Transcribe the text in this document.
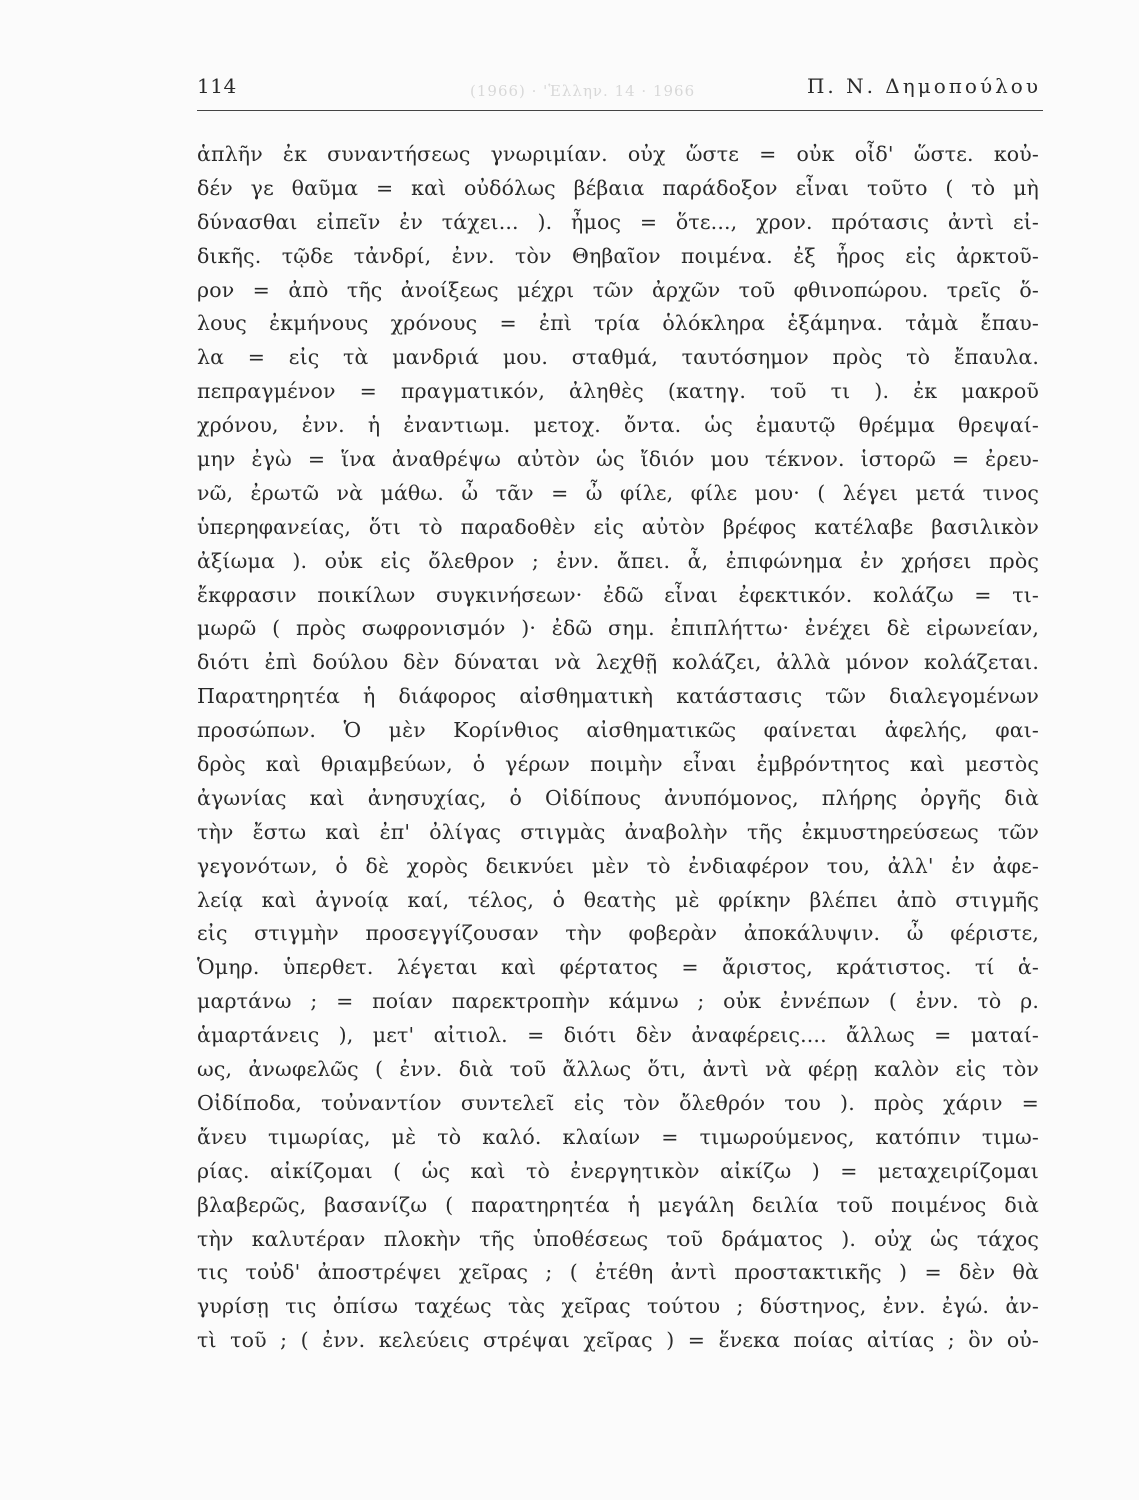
(1966) · 'Ἑλλην. 14 · 1966
114	Π. Ν. Δημοπούλου
ἁπλῆν ἐκ συναντήσεως γνωριμίαν. οὐχ ὥστε = οὐκ οἶδ' ὥστε. κοὐ-
δέν γε θαῦμα = καὶ οὐδόλως βέβαια παράδοξον εἶναι τοῦτο ( τὸ μὴ
δύνασθαι εἰπεῖν ἐν τάχει... ). ἦμος = ὅτε..., χρον. πρότασις ἀντὶ εἰ-
δικῆς. τῷδε τἀνδρί, ἐνν. τὸν Θηβαῖον ποιμένα. ἐξ ἦρος εἰς ἀρκτοῦ-
ρον = ἀπὸ τῆς ἀνοίξεως μέχρι τῶν ἀρχῶν τοῦ φθινοπώρου. τρεῖς ὅ-
λους ἐκμήνους χρόνους = ἐπὶ τρία ὁλόκληρα ἑξάμηνα. τἀμὰ ἔπαυ-
λα = εἰς τὰ μανδριά μου. σταθμά, ταυτόσημον πρὸς τὸ ἔπαυλα.
πεπραγμένον = πραγματικόν, ἀληθὲς (κατηγ. τοῦ τι ). ἐκ μακροῦ
χρόνου, ἐνν. ἡ ἐναντιωμ. μετοχ. ὄντα. ὡς ἐμαυτῷ θρέμμα θρεψαί-
μην ἐγὼ = ἵνα ἀναθρέψω αὐτὸν ὡς ἴδιόν μου τέκνον. ἱστορῶ = ἐρευ-
νῶ, ἐρωτῶ νὰ μάθω. ὦ τᾶν = ὦ φίλε, φίλε μου· ( λέγει μετά τινος
ὑπερηφανείας, ὅτι τὸ παραδοθὲν εἰς αὐτὸν βρέφος κατέλαβε βασιλικὸν
ἀξίωμα ). οὐκ εἰς ὄλεθρον ; ἐνν. ἄπει. ἆ, ἐπιφώνημα ἐν χρήσει πρὸς
ἔκφρασιν ποικίλων συγκινήσεων· ἐδῶ εἶναι ἐφεκτικόν. κολάζω = τι-
μωρῶ ( πρὸς σωφρονισμόν )· ἐδῶ σημ. ἐπιπλήττω· ἐνέχει δὲ εἰρωνείαν,
διότι ἐπὶ δούλου δὲν δύναται νὰ λεχθῇ κολάζει, ἀλλὰ μόνον κολάζεται.
Παρατηρητέα ἡ διάφορος αἰσθηματικὴ κατάστασις τῶν διαλεγομένων
προσώπων. Ὁ μὲν Κορίνθιος αἰσθηματικῶς φαίνεται ἀφελής, φαι-
δρὸς καὶ θριαμβεύων, ὁ γέρων ποιμὴν εἶναι ἐμβρόντητος καὶ μεστὸς
ἀγωνίας καὶ ἀνησυχίας, ὁ Οἰδίπους ἀνυπόμονος, πλήρης ὀργῆς διὰ
τὴν ἔστω καὶ ἐπ' ὀλίγας στιγμὰς ἀναβολὴν τῆς ἐκμυστηρεύσεως τῶν
γεγονότων, ὁ δὲ χορὸς δεικνύει μὲν τὸ ἐνδιαφέρον του, ἀλλ' ἐν ἀφε-
λείᾳ καὶ ἀγνοίᾳ καί, τέλος, ὁ θεατὴς μὲ φρίκην βλέπει ἀπὸ στιγμῆς
εἰς στιγμὴν προσεγγίζουσαν τὴν φοβερὰν ἀποκάλυψιν. ὦ φέριστε,
Ὁμηρ. ὑπερθετ. λέγεται καὶ φέρτατος = ἄριστος, κράτιστος. τί ἁ-
μαρτάνω ; = ποίαν παρεκτροπὴν κάμνω ; οὐκ ἐννέπων ( ἐνν. τὸ ρ.
ἁμαρτάνεις ), μετ' αἰτιολ. = διότι δὲν ἀναφέρεις.... ἄλλως = ματαί-
ως, ἀνωφελῶς ( ἐνν. διὰ τοῦ ἄλλως ὅτι, ἀντὶ νὰ φέρῃ καλὸν εἰς τὸν
Οἰδίποδα, τοὐναντίον συντελεῖ εἰς τὸν ὄλεθρόν του ). πρὸς χάριν =
ἄνευ τιμωρίας, μὲ τὸ καλό. κλαίων = τιμωρούμενος, κατόπιν τιμω-
ρίας. αἰκίζομαι ( ὡς καὶ τὸ ἐνεργητικὸν αἰκίζω ) = μεταχειρίζομαι
βλαβερῶς, βασανίζω ( παρατηρητέα ἡ μεγάλη δειλία τοῦ ποιμένος διὰ
τὴν καλυτέραν πλοκὴν τῆς ὑποθέσεως τοῦ δράματος ). οὐχ ὡς τάχος
τις τοὐδ' ἀποστρέψει χεῖρας ; ( ἐτέθη ἀντὶ προστακτικῆς ) = δὲν θὰ
γυρίσῃ τις ὀπίσω ταχέως τὰς χεῖρας τούτου ; δύστηνος, ἐνν. ἐγώ. ἀν-
τὶ τοῦ ; ( ἐνν. κελεύεις στρέψαι χεῖρας ) = ἕνεκα ποίας αἰτίας ; ὃν οὐ-
